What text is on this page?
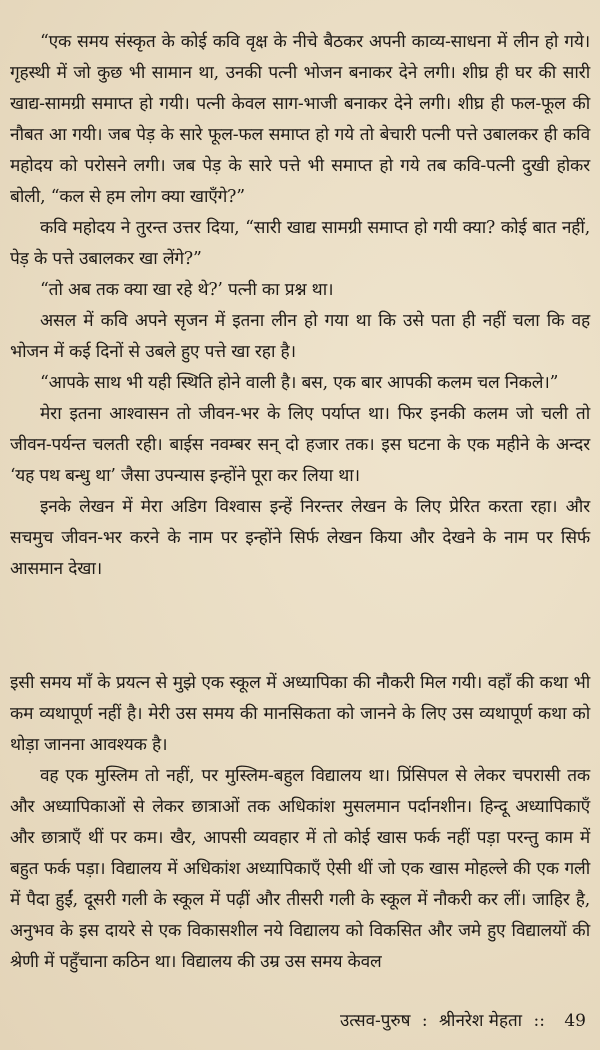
“एक समय संस्कृत के कोई कवि वृक्ष के नीचे बैठकर अपनी काव्य-साधना में लीन हो गये। गृहस्थी में जो कुछ भी सामान था, उनकी पत्नी भोजन बनाकर देने लगी। शीघ्र ही घर की सारी खाद्य-सामग्री समाप्त हो गयी। पत्नी केवल साग-भाजी बनाकर देने लगी। शीघ्र ही फल-फूल की नौबत आ गयी। जब पेड़ के सारे फूल-फल समाप्त हो गये तो बेचारी पत्नी पत्ते उबालकर ही कवि महोदय को परोसने लगी। जब पेड़ के सारे पत्ते भी समाप्त हो गये तब कवि-पत्नी दुखी होकर बोली, “कल से हम लोग क्या खाएँगे?”

कवि महोदय ने तुरन्त उत्तर दिया, “सारी खाद्य सामग्री समाप्त हो गयी क्या? कोई बात नहीं, पेड़ के पत्ते उबालकर खा लेंगे?”

“तो अब तक क्या खा रहे थे?’ पत्नी का प्रश्न था।

असल में कवि अपने सृजन में इतना लीन हो गया था कि उसे पता ही नहीं चला कि वह भोजन में कई दिनों से उबले हुए पत्ते खा रहा है।

“आपके साथ भी यही स्थिति होने वाली है। बस, एक बार आपकी कलम चल निकले।”

मेरा इतना आश्वासन तो जीवन-भर के लिए पर्याप्त था। फिर इनकी कलम जो चली तो जीवन-पर्यन्त चलती रही। बाईस नवम्बर सन् दो हजार तक। इस घटना के एक महीने के अन्दर ‘यह पथ बन्धु था’ जैसा उपन्यास इन्होंने पूरा कर लिया था।

इनके लेखन में मेरा अडिग विश्वास इन्हें निरन्तर लेखन के लिए प्रेरित करता रहा। और सचमुच जीवन-भर करने के नाम पर इन्होंने सिर्फ लेखन किया और देखने के नाम पर सिर्फ आसमान देखा।

इसी समय माँ के प्रयत्न से मुझे एक स्कूल में अध्यापिका की नौकरी मिल गयी। वहाँ की कथा भी कम व्यथापूर्ण नहीं है। मेरी उस समय की मानसिकता को जानने के लिए उस व्यथापूर्ण कथा को थोड़ा जानना आवश्यक है।

वह एक मुस्लिम तो नहीं, पर मुस्लिम-बहुल विद्यालय था। प्रिंसिपल से लेकर चपरासी तक और अध्यापिकाओं से लेकर छात्राओं तक अधिकांश मुसलमान पर्दानशीन। हिन्दू अध्यापिकाएँ और छात्राएँ थीं पर कम। खैर, आपसी व्यवहार में तो कोई खास फर्क नहीं पड़ा परन्तु काम में बहुत फर्क पड़ा। विद्यालय में अधिकांश अध्यापिकाएँ ऐसी थीं जो एक खास मोहल्ले की एक गली में पैदा हुईं, दूसरी गली के स्कूल में पढ़ीं और तीसरी गली के स्कूल में नौकरी कर लीं। जाहिर है, अनुभव के इस दायरे से एक विकासशील नये विद्यालय को विकसित और जमे हुए विद्यालयों की श्रेणी में पहुँचाना कठिन था। विद्यालय की उम्र उस समय केवल

उत्सव-पुरुष : श्रीनरेश मेहता :: 49
